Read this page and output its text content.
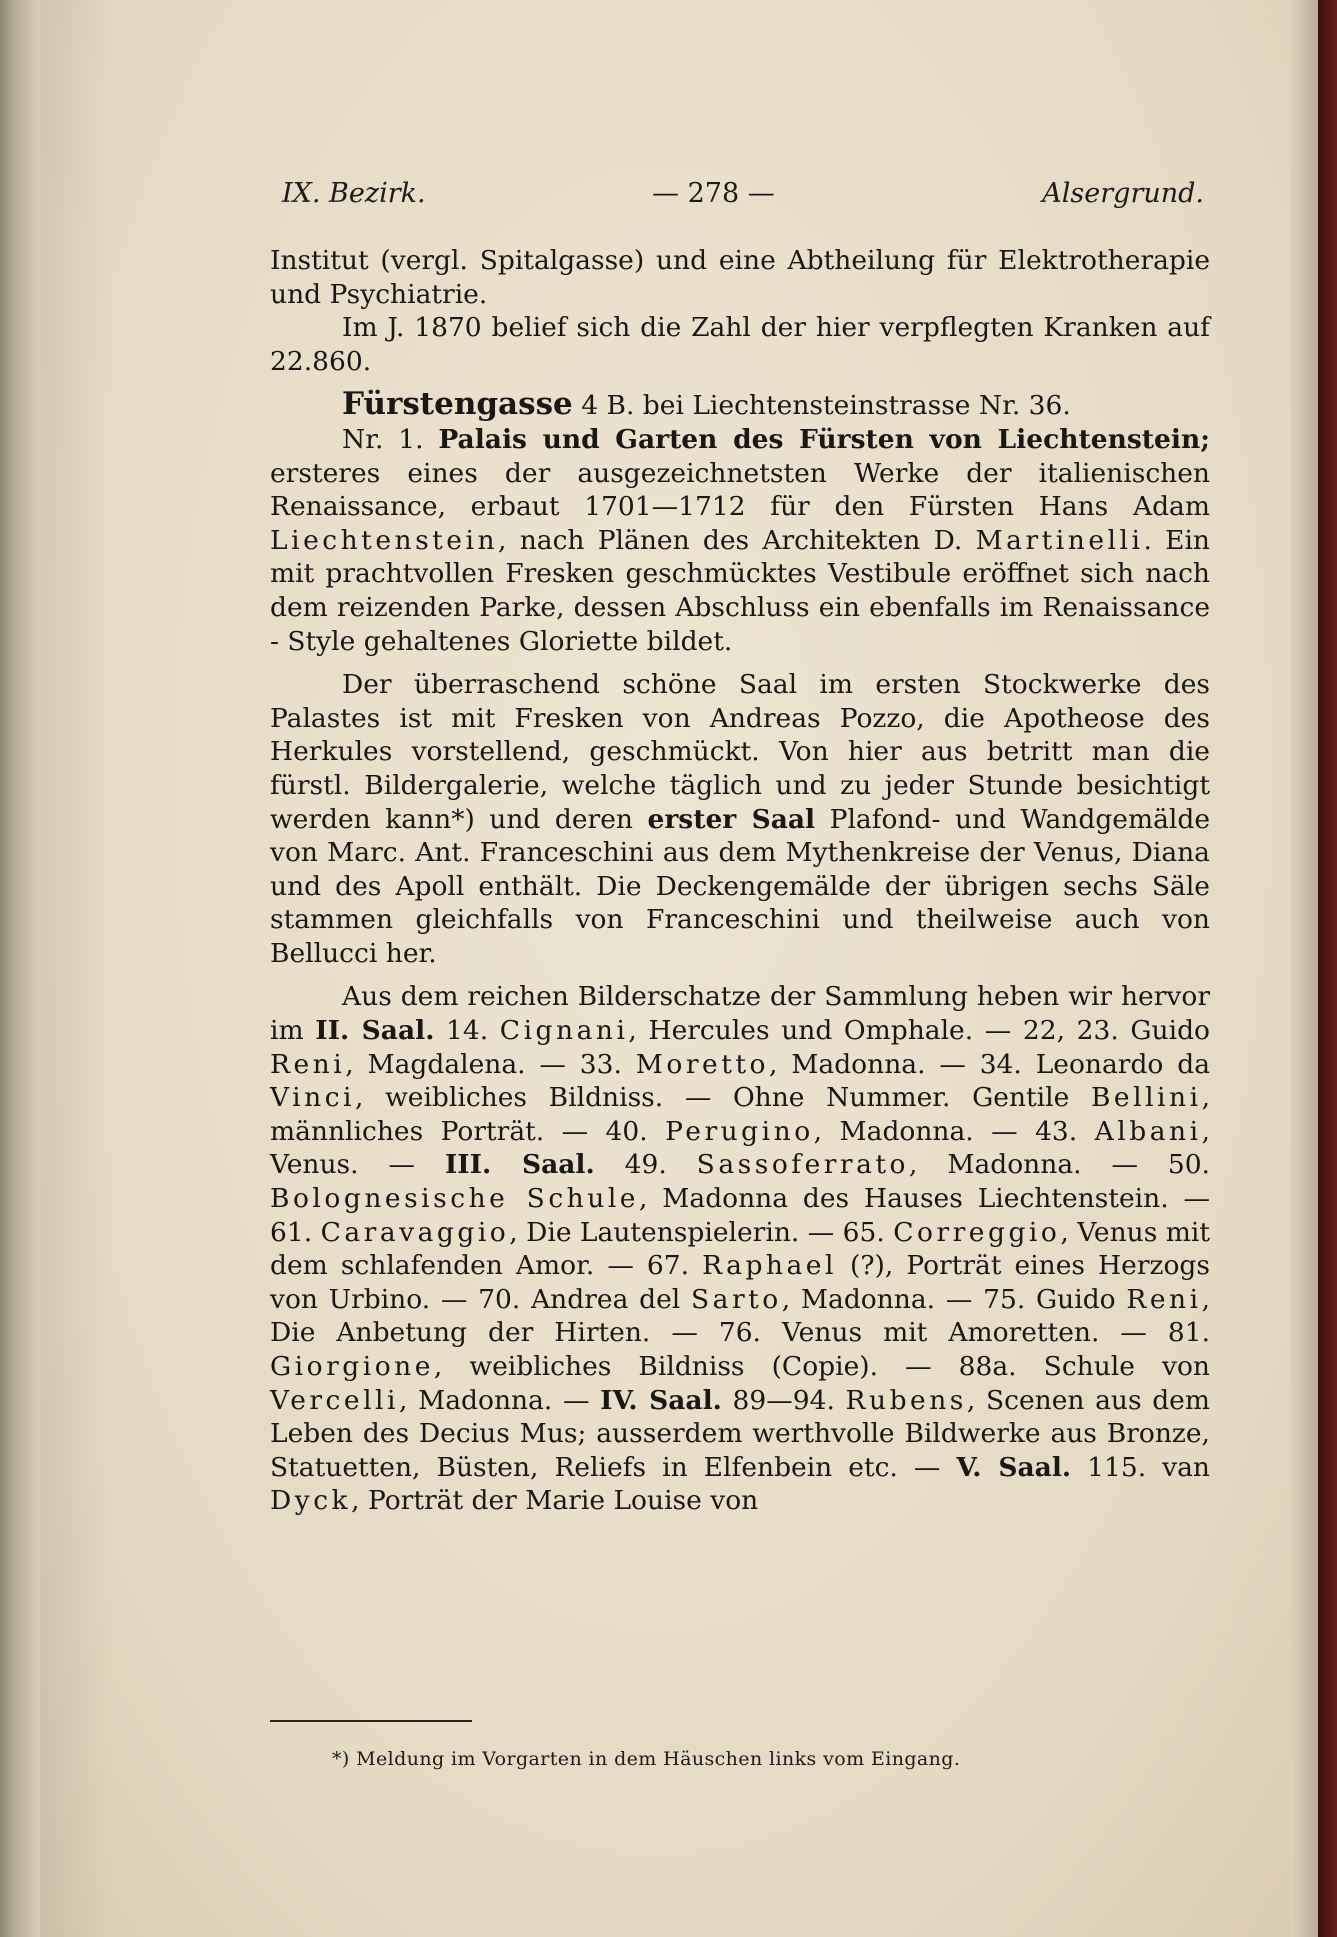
IX. Bezirk.	— 278 —	Alsergrund.

Institut (vergl. Spitalgasse) und eine Abtheilung für Elektrotherapie und Psychiatrie.

Im J. 1870 belief sich die Zahl der hier verpflegten Kranken auf 22.860.

Fürstengasse 4 B. bei Liechtensteinstrasse Nr. 36.

Nr. 1. Palais und Garten des Fürsten von Liechtenstein; ersteres eines der ausgezeichnetsten Werke der italienischen Renaissance, erbaut 1701—1712 für den Fürsten Hans Adam Liechtenstein, nach Plänen des Architekten D. Martinelli. Ein mit prachtvollen Fresken geschmücktes Vestibule eröffnet sich nach dem reizenden Parke, dessen Abschluss ein ebenfalls im Renaissance - Style gehaltenes Gloriette bildet.

Der überraschend schöne Saal im ersten Stockwerke des Palastes ist mit Fresken von Andreas Pozzo, die Apotheose des Herkules vorstellend, geschmückt. Von hier aus betritt man die fürstl. Bildergalerie, welche täglich und zu jeder Stunde besichtigt werden kann*) und deren erster Saal Plafond- und Wandgemälde von Marc. Ant. Franceschini aus dem Mythenkreise der Venus, Diana und des Apoll enthält. Die Deckengemälde der übrigen sechs Säle stammen gleichfalls von Franceschini und theilweise auch von Bellucci her.

Aus dem reichen Bilderschatze der Sammlung heben wir hervor im II. Saal. 14. Cignani, Hercules und Omphale. — 22, 23. Guido Reni, Magdalena. — 33. Moretto, Madonna. — 34. Leonardo da Vinci, weibliches Bildniss. — Ohne Nummer. Gentile Bellini, männliches Porträt. — 40. Perugino, Madonna. — 43. Albani, Venus. — III. Saal. 49. Sassoferrato, Madonna. — 50. Bolognesische Schule, Madonna des Hauses Liechtenstein. — 61. Caravaggio, Die Lautenspielerin. — 65. Correggio, Venus mit dem schlafenden Amor. — 67. Raphael (?), Porträt eines Herzogs von Urbino. — 70. Andrea del Sarto, Madonna. — 75. Guido Reni, Die Anbetung der Hirten. — 76. Venus mit Amoretten. — 81. Giorgione, weibliches Bildniss (Copie). — 88a. Schule von Vercelli, Madonna. — IV. Saal. 89—94. Rubens, Scenen aus dem Leben des Decius Mus; ausserdem werthvolle Bildwerke aus Bronze, Statuetten, Büsten, Reliefs in Elfenbein etc. — V. Saal. 115. van Dyck, Porträt der Marie Louise von

*) Meldung im Vorgarten in dem Häuschen links vom Eingang.
